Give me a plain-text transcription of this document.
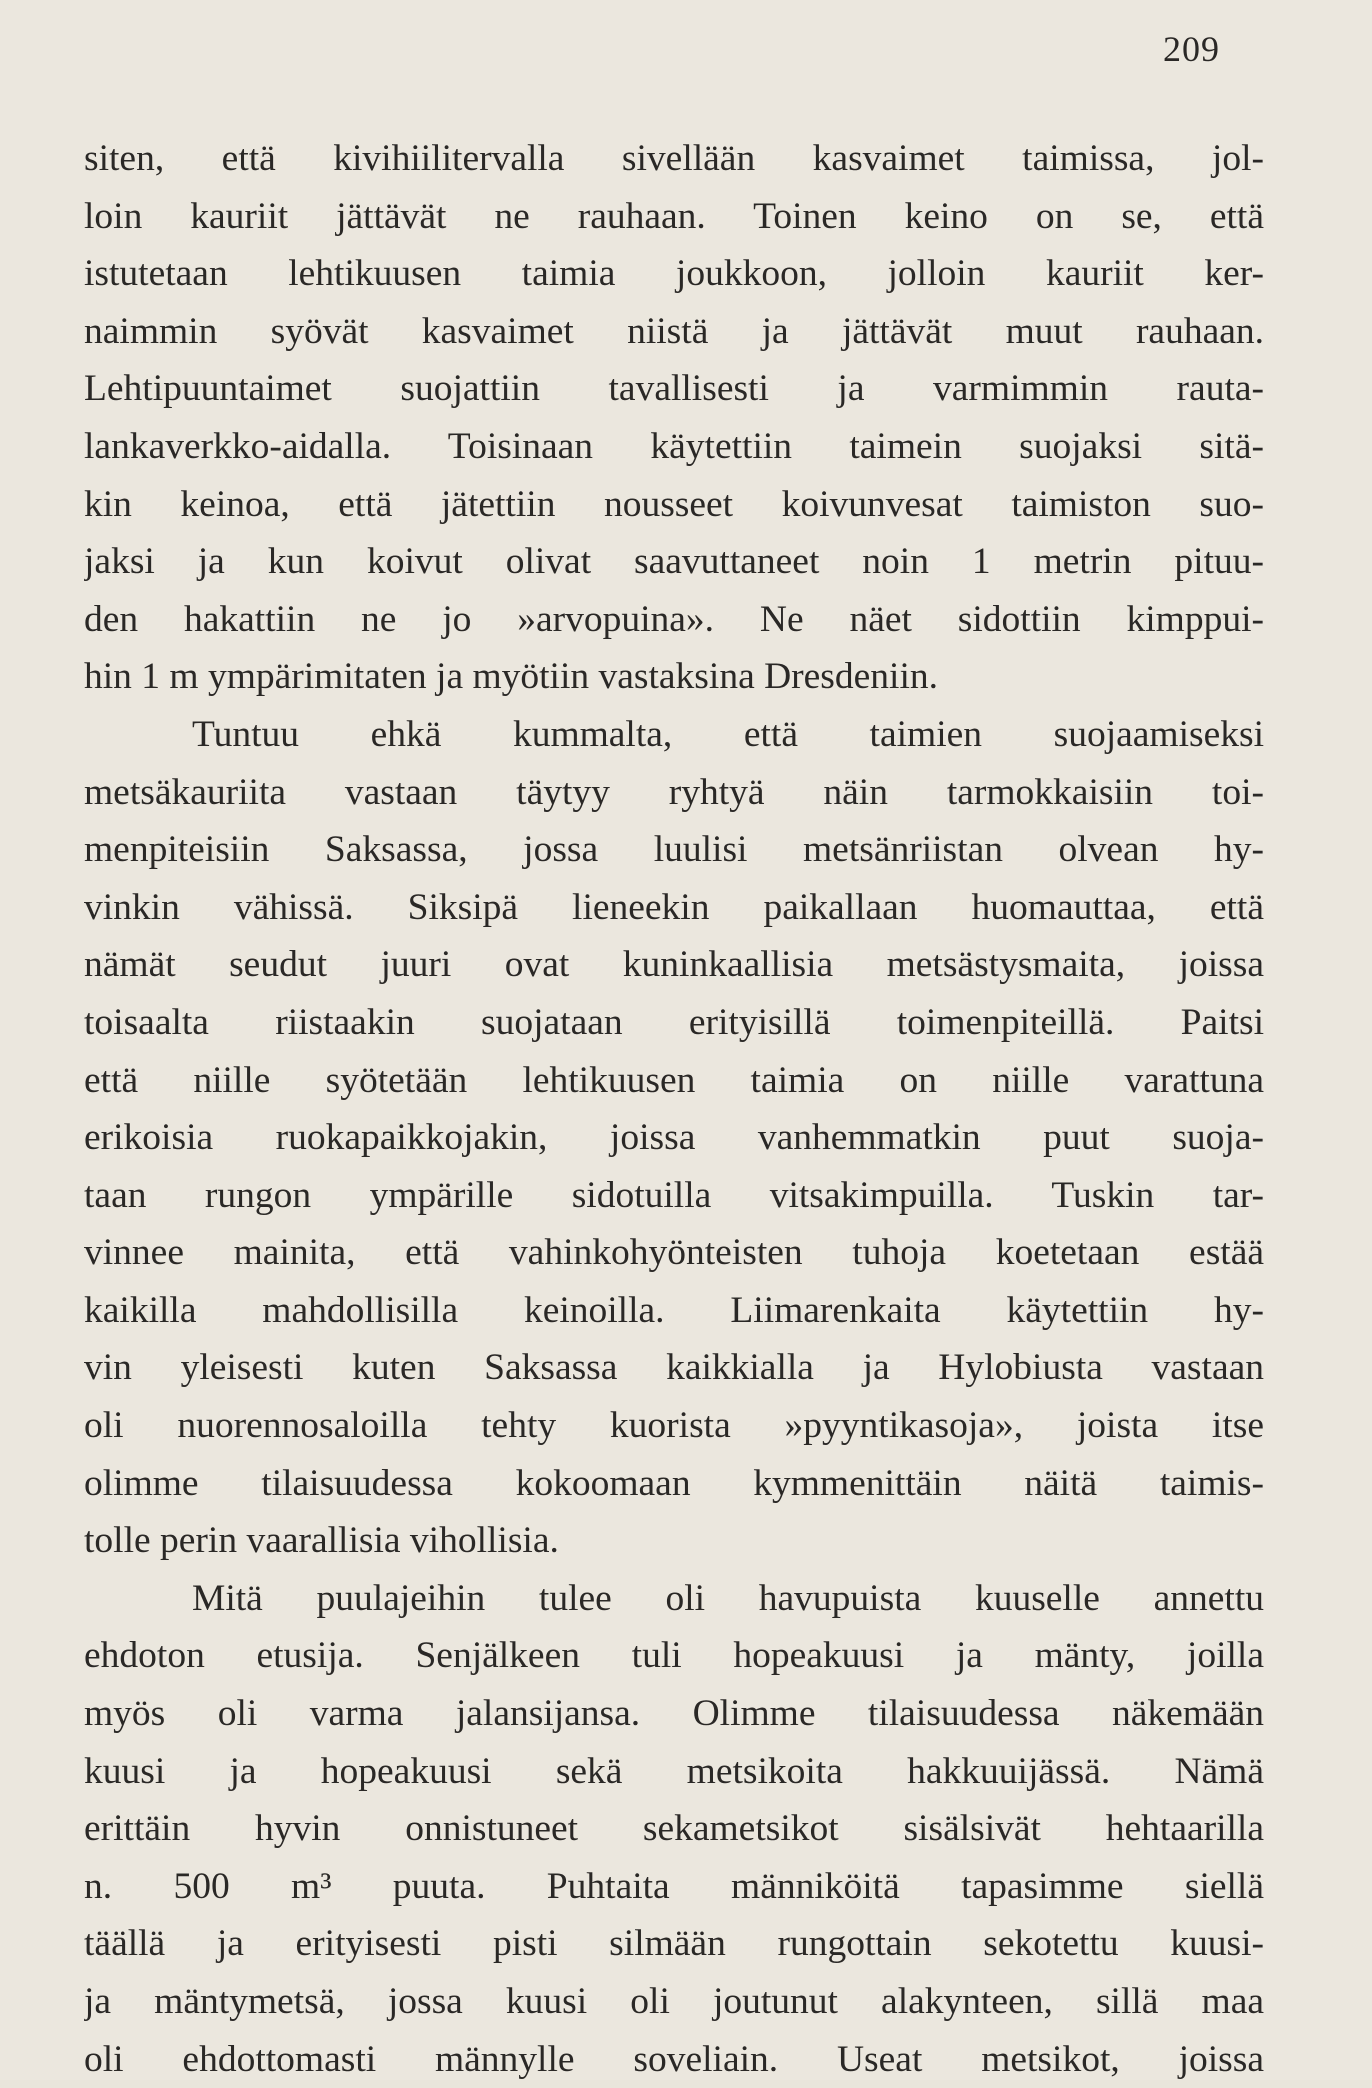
209
siten, että kivihiilitervalla sivellään kasvaimet taimissa, jol-
loin kauriit jättävät ne rauhaan. Toinen keino on se, että
istutetaan lehtikuusen taimia joukkoon, jolloin kauriit ker-
naimmin syövät kasvaimet niistä ja jättävät muut rauhaan.
Lehtipuuntaimet suojattiin tavallisesti ja varmimmin rauta-
lankaverkko-aidalla. Toisinaan käytettiin taimein suojaksi sitä-
kin keinoa, että jätettiin nousseet koivunvesat taimiston suo-
jaksi ja kun koivut olivat saavuttaneet noin 1 metrin pituu-
den hakattiin ne jo »arvopuina». Ne näet sidottiin kimppui-
hin 1 m ympärimitaten ja myötiin vastaksina Dresdeniin.
Tuntuu ehkä kummalta, että taimien suojaamiseksi
metsäkauriita vastaan täytyy ryhtyä näin tarmokkaisiin toi-
menpiteisiin Saksassa, jossa luulisi metsänriistan olvean hy-
vinkin vähissä. Siksipä lieneekin paikallaan huomauttaa, että
nämät seudut juuri ovat kuninkaallisia metsästysmaita, joissa
toisaalta riistaakin suojataan erityisillä toimenpiteillä. Paitsi
että niille syötetään lehtikuusen taimia on niille varattuna
erikoisia ruokapaikkojakin, joissa vanhemmatkin puut suoja-
taan rungon ympärille sidotuilla vitsakimpuilla. Tuskin tar-
vinnee mainita, että vahinkohyönteisten tuhoja koetetaan estää
kaikilla mahdollisilla keinoilla. Liimarenkaita käytettiin hy-
vin yleisesti kuten Saksassa kaikkialla ja Hylobiusta vastaan
oli nuorennosaloilla tehty kuorista »pyyntikasoja», joista itse
olimme tilaisuudessa kokoomaan kymmenittäin näitä taimis-
tolle perin vaarallisia vihollisia.
Mitä puulajeihin tulee oli havupuista kuuselle annettu
ehdoton etusija. Senjälkeen tuli hopeakuusi ja mänty, joilla
myös oli varma jalansijansa. Olimme tilaisuudessa näkemään
kuusi ja hopeakuusi sekä metsikoita hakkuuijässä. Nämä
erittäin hyvin onnistuneet sekametsikot sisälsivät hehtaarilla
n. 500 m³ puuta. Puhtaita männiköitä tapasimme siellä
täällä ja erityisesti pisti silmään rungottain sekotettu kuusi-
ja mäntymetsä, jossa kuusi oli joutunut alakynteen, sillä maa
oli ehdottomasti männylle soveliain. Useat metsikot, joissa
